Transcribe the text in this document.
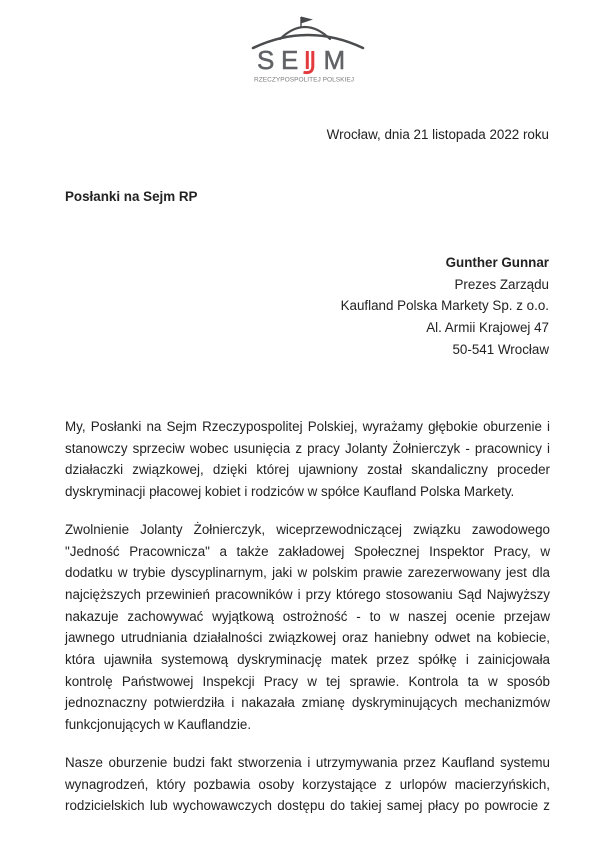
S E M
RZECZYPOSPOLITEJ POLSKIEJ
Wrocław, dnia 21 listopada 2022 roku
Posłanki na Sejm RP
Gunther Gunnar
Prezes Zarządu
Kaufland Polska Markety Sp. z o.o.
Al. Armii Krajowej 47
50-541 Wrocław

My, Posłanki na Sejm Rzeczypospolitej Polskiej, wyrażamy głębokie oburzenie i stanowczy sprzeciw wobec usunięcia z pracy Jolanty Żołnierczyk - pracownicy i działaczki związkowej, dzięki której ujawniony został skandaliczny proceder dyskryminacji płacowej kobiet i rodziców w spółce Kaufland Polska Markety.

Zwolnienie Jolanty Żołnierczyk, wiceprzewodniczącej związku zawodowego "Jedność Pracownicza" a także zakładowej Społecznej Inspektor Pracy, w dodatku w trybie dyscyplinarnym, jaki w polskim prawie zarezerwowany jest dla najcięższych przewinień pracowników i przy którego stosowaniu Sąd Najwyższy nakazuje zachowywać wyjątkową ostrożność - to w naszej ocenie przejaw jawnego utrudniania działalności związkowej oraz haniebny odwet na kobiecie, która ujawniła systemową dyskryminację matek przez spółkę i zainicjowała kontrolę Państwowej Inspekcji Pracy w tej sprawie. Kontrola ta w sposób jednoznaczny potwierdziła i nakazała zmianę dyskryminujących mechanizmów funkcjonujących w Kauflandzie.

Nasze oburzenie budzi fakt stworzenia i utrzymywania przez Kaufland systemu wynagrodzeń, który pozbawia osoby korzystające z urlopów macierzyńskich, rodzicielskich lub wychowawczych dostępu do takiej samej płacy po powrocie z
